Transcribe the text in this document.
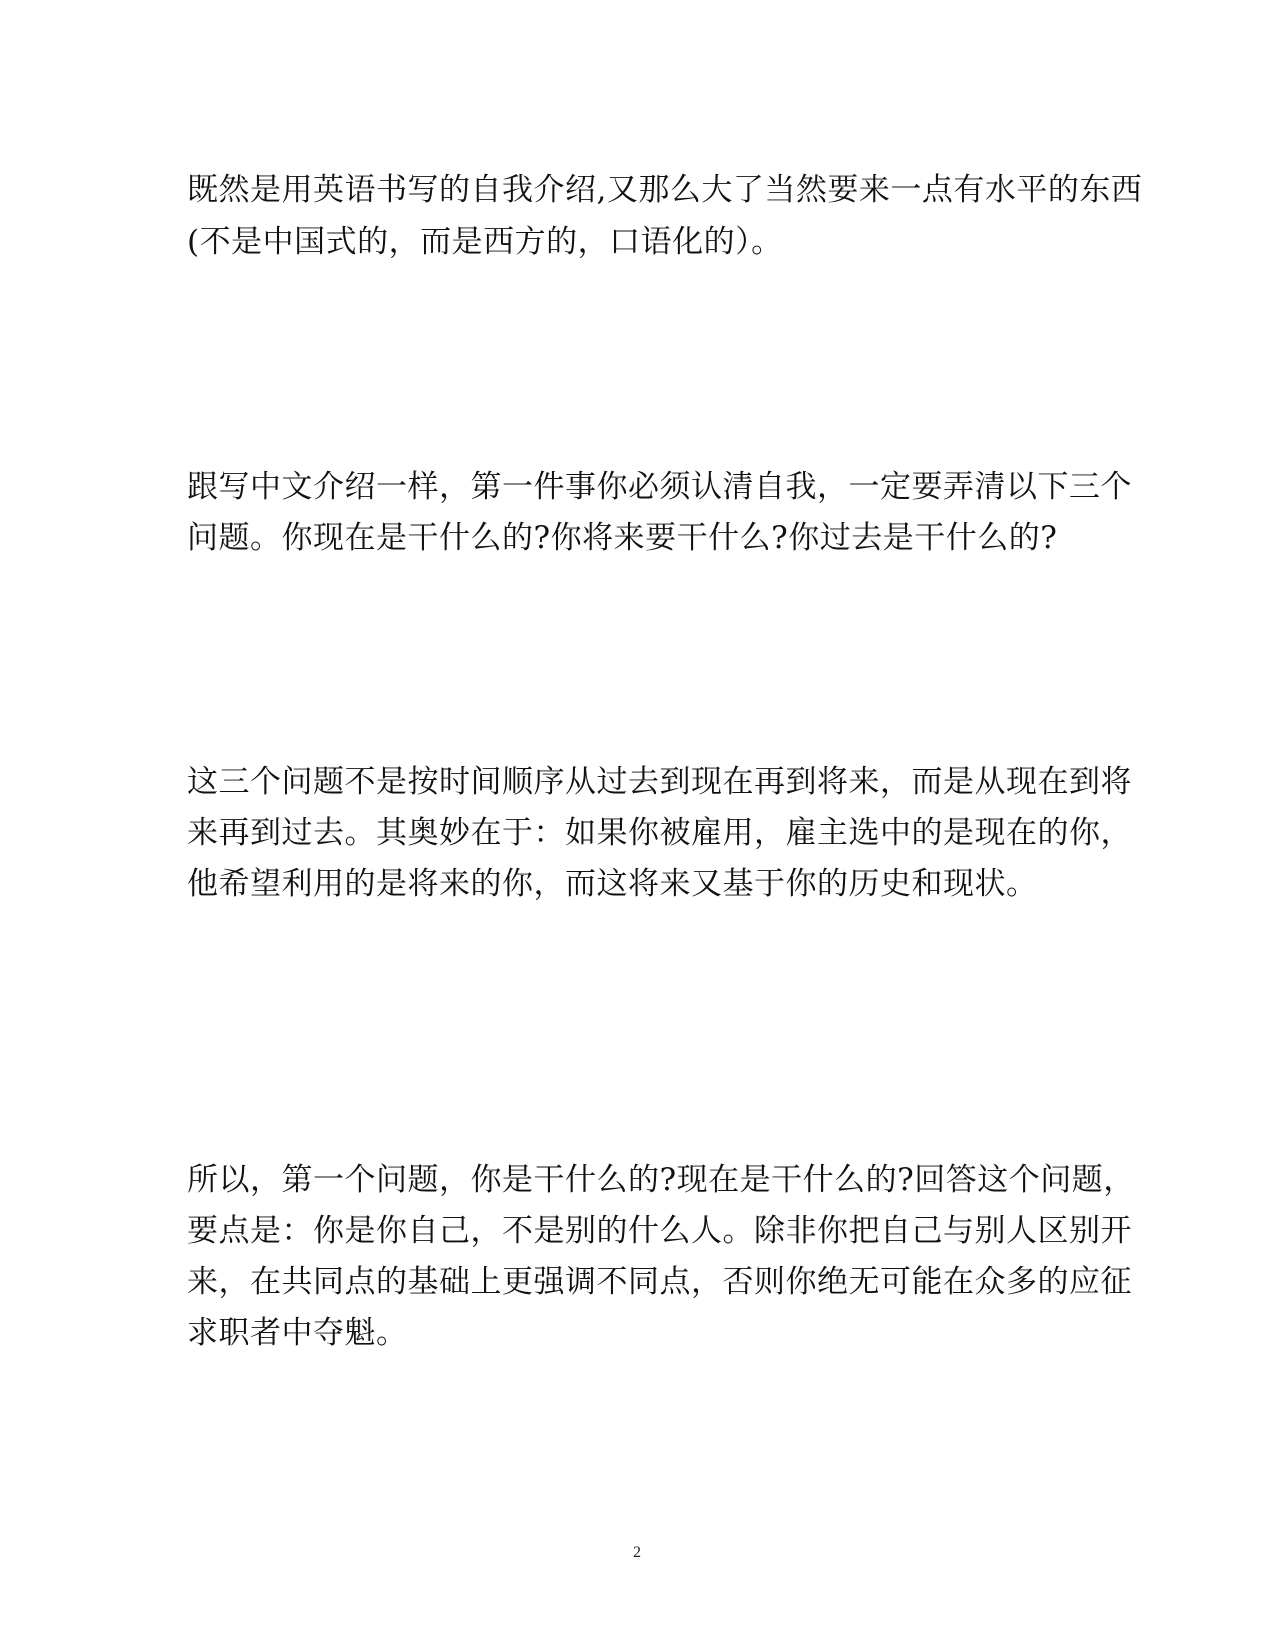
既然是用英语书写的自我介绍,又那么大了当然要来一点有水平的东西
(不是中国式的，而是西方的，口语化的）。
跟写中文介绍一样，第一件事你必须认清自我，一定要弄清以下三个
问题。你现在是干什么的?你将来要干什么?你过去是干什么的?
这三个问题不是按时间顺序从过去到现在再到将来，而是从现在到将
来再到过去。其奥妙在于：如果你被雇用，雇主选中的是现在的你，
他希望利用的是将来的你，而这将来又基于你的历史和现状。
所以，第一个问题，你是干什么的?现在是干什么的?回答这个问题，
要点是：你是你自己，不是别的什么人。除非你把自己与别人区别开
来，在共同点的基础上更强调不同点，否则你绝无可能在众多的应征
求职者中夺魁。
2
